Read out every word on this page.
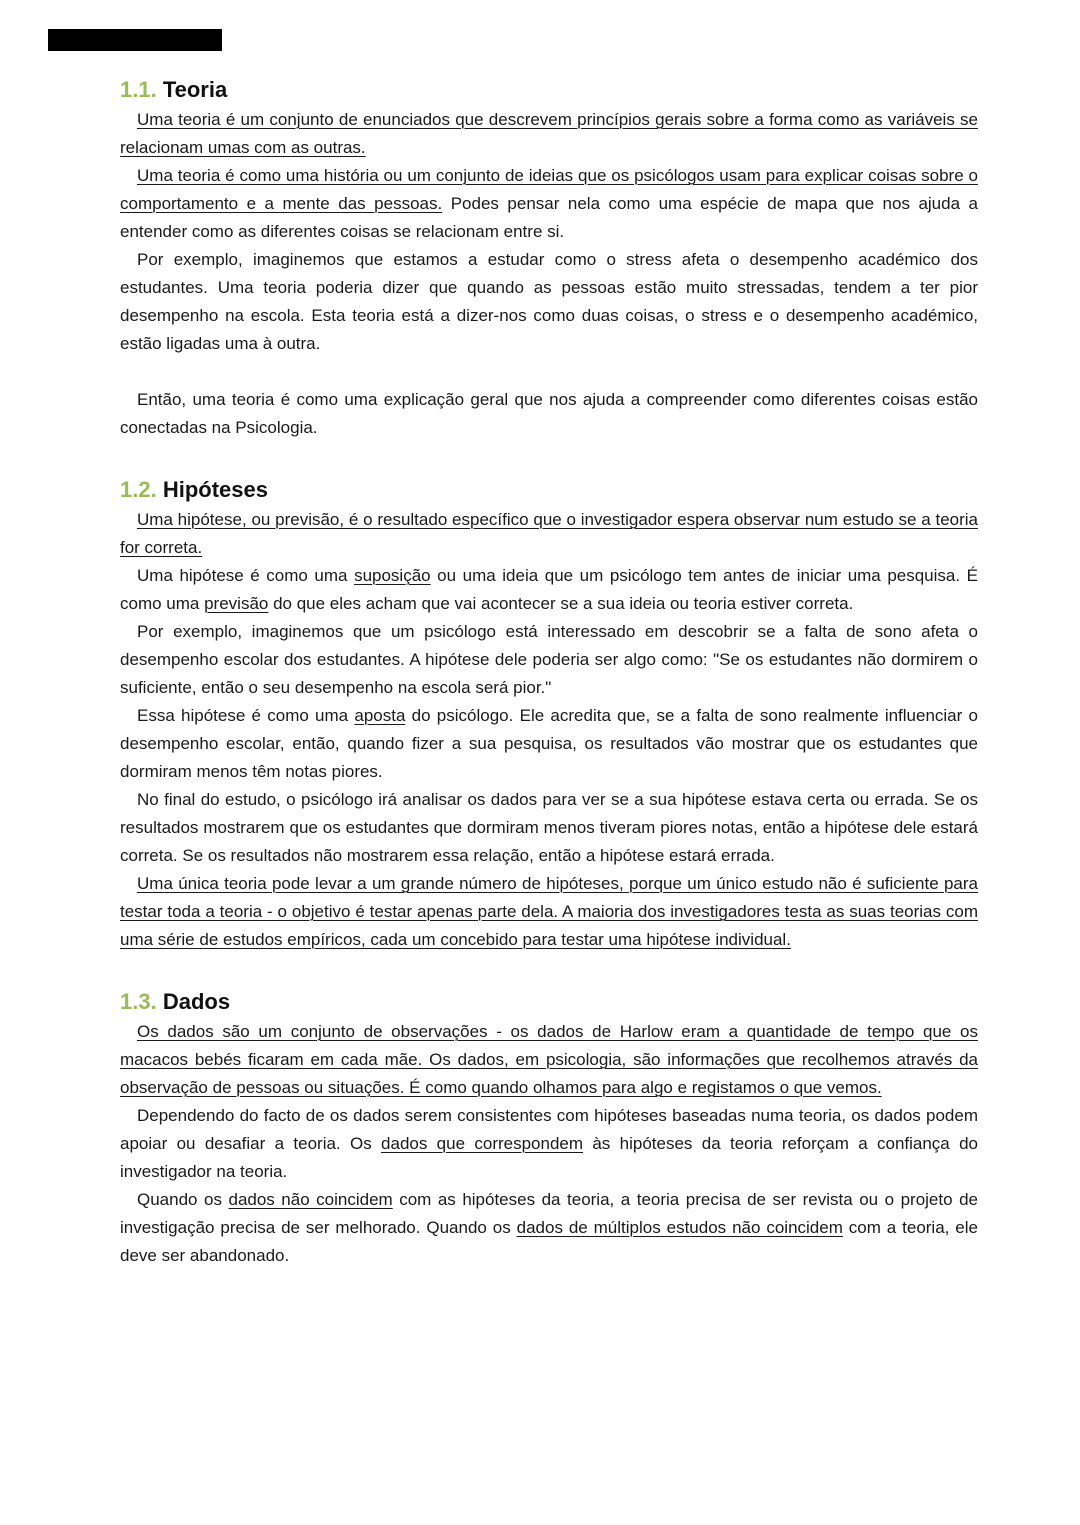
1.1. Teoria

Uma teoria é um conjunto de enunciados que descrevem princípios gerais sobre a forma como as variáveis se relacionam umas com as outras.

Uma teoria é como uma história ou um conjunto de ideias que os psicólogos usam para explicar coisas sobre o comportamento e a mente das pessoas. Podes pensar nela como uma espécie de mapa que nos ajuda a entender como as diferentes coisas se relacionam entre si.

Por exemplo, imaginemos que estamos a estudar como o stress afeta o desempenho académico dos estudantes. Uma teoria poderia dizer que quando as pessoas estão muito stressadas, tendem a ter pior desempenho na escola. Esta teoria está a dizer-nos como duas coisas, o stress e o desempenho académico, estão ligadas uma à outra.

Então, uma teoria é como uma explicação geral que nos ajuda a compreender como diferentes coisas estão conectadas na Psicologia.

1.2. Hipóteses

Uma hipótese, ou previsão, é o resultado específico que o investigador espera observar num estudo se a teoria for correta.

Uma hipótese é como uma suposição ou uma ideia que um psicólogo tem antes de iniciar uma pesquisa. É como uma previsão do que eles acham que vai acontecer se a sua ideia ou teoria estiver correta.

Por exemplo, imaginemos que um psicólogo está interessado em descobrir se a falta de sono afeta o desempenho escolar dos estudantes. A hipótese dele poderia ser algo como: "Se os estudantes não dormirem o suficiente, então o seu desempenho na escola será pior."

Essa hipótese é como uma aposta do psicólogo. Ele acredita que, se a falta de sono realmente influenciar o desempenho escolar, então, quando fizer a sua pesquisa, os resultados vão mostrar que os estudantes que dormiram menos têm notas piores.

No final do estudo, o psicólogo irá analisar os dados para ver se a sua hipótese estava certa ou errada. Se os resultados mostrarem que os estudantes que dormiram menos tiveram piores notas, então a hipótese dele estará correta. Se os resultados não mostrarem essa relação, então a hipótese estará errada.

Uma única teoria pode levar a um grande número de hipóteses, porque um único estudo não é suficiente para testar toda a teoria - o objetivo é testar apenas parte dela. A maioria dos investigadores testa as suas teorias com uma série de estudos empíricos, cada um concebido para testar uma hipótese individual.

1.3. Dados

Os dados são um conjunto de observações - os dados de Harlow eram a quantidade de tempo que os macacos bebés ficaram em cada mãe. Os dados, em psicologia, são informações que recolhemos através da observação de pessoas ou situações. É como quando olhamos para algo e registamos o que vemos.

Dependendo do facto de os dados serem consistentes com hipóteses baseadas numa teoria, os dados podem apoiar ou desafiar a teoria. Os dados que correspondem às hipóteses da teoria reforçam a confiança do investigador na teoria.

Quando os dados não coincidem com as hipóteses da teoria, a teoria precisa de ser revista ou o projeto de investigação precisa de ser melhorado. Quando os dados de múltiplos estudos não coincidem com a teoria, ele deve ser abandonado.
